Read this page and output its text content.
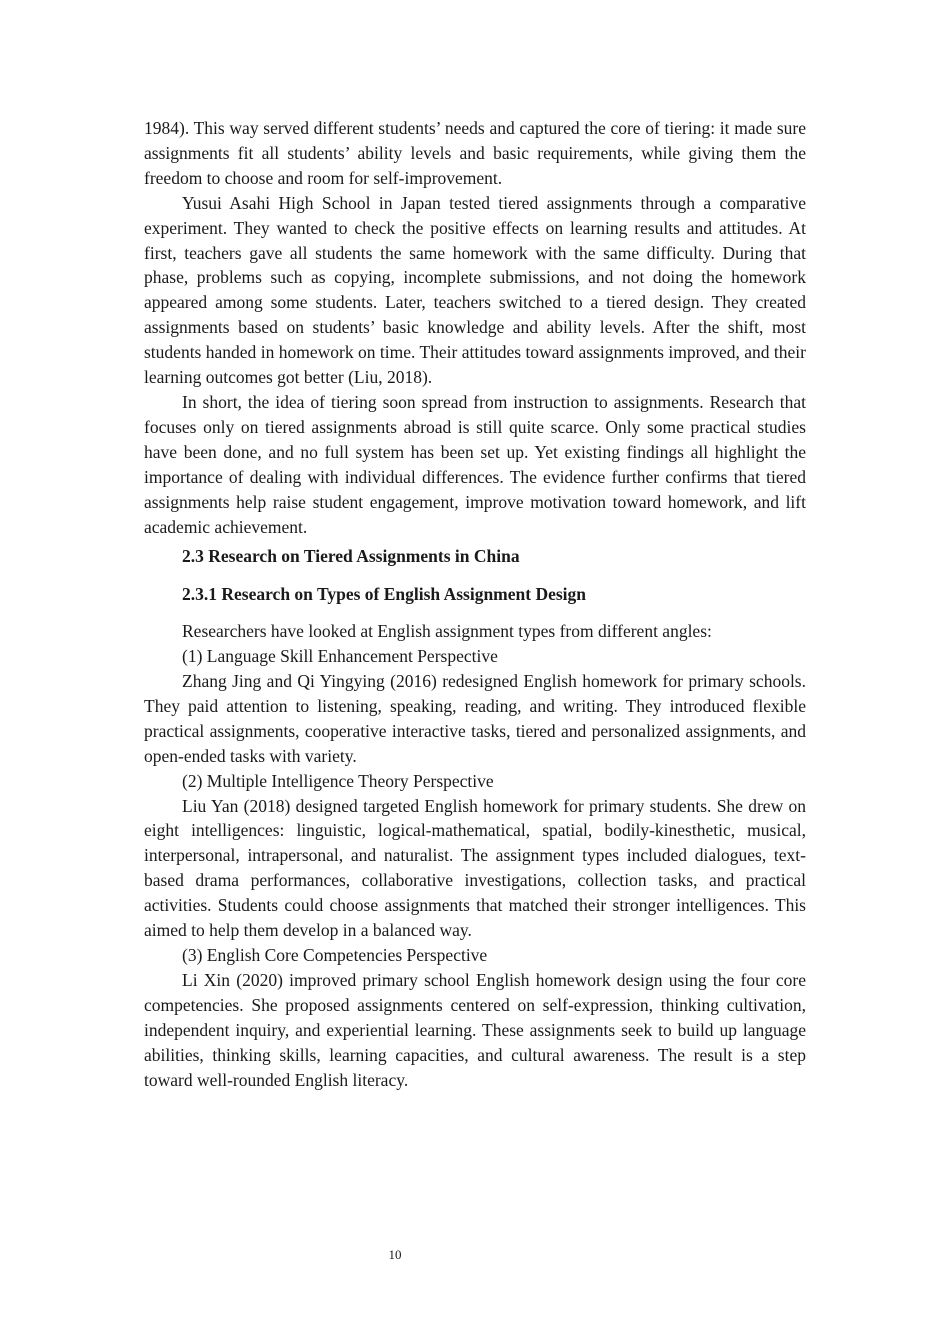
1984). This way served different students’ needs and captured the core of tiering: it made sure assignments fit all students’ ability levels and basic requirements, while giving them the freedom to choose and room for self-improvement.

Yusui Asahi High School in Japan tested tiered assignments through a comparative experiment. They wanted to check the positive effects on learning results and attitudes. At first, teachers gave all students the same homework with the same difficulty. During that phase, problems such as copying, incomplete submissions, and not doing the homework appeared among some students. Later, teachers switched to a tiered design. They created assignments based on students’ basic knowledge and ability levels. After the shift, most students handed in homework on time. Their attitudes toward assignments improved, and their learning outcomes got better (Liu, 2018).

In short, the idea of tiering soon spread from instruction to assignments. Research that focuses only on tiered assignments abroad is still quite scarce. Only some practical studies have been done, and no full system has been set up. Yet existing findings all highlight the importance of dealing with individual differences. The evidence further confirms that tiered assignments help raise student engagement, improve motivation toward homework, and lift academic achievement.

2.3 Research on Tiered Assignments in China
2.3.1 Research on Types of English Assignment Design

Researchers have looked at English assignment types from different angles:

(1) Language Skill Enhancement Perspective

Zhang Jing and Qi Yingying (2016) redesigned English homework for primary schools. They paid attention to listening, speaking, reading, and writing. They introduced flexible practical assignments, cooperative interactive tasks, tiered and personalized assignments, and open-ended tasks with variety.

(2) Multiple Intelligence Theory Perspective

Liu Yan (2018) designed targeted English homework for primary students. She drew on eight intelligences: linguistic, logical-mathematical, spatial, bodily-kinesthetic, musical, interpersonal, intrapersonal, and naturalist. The assignment types included dialogues, text-based drama performances, collaborative investigations, collection tasks, and practical activities. Students could choose assignments that matched their stronger intelligences. This aimed to help them develop in a balanced way.

(3) English Core Competencies Perspective

Li Xin (2020) improved primary school English homework design using the four core competencies. She proposed assignments centered on self-expression, thinking cultivation, independent inquiry, and experiential learning. These assignments seek to build up language abilities, thinking skills, learning capacities, and cultural awareness. The result is a step toward well-rounded English literacy.

10
